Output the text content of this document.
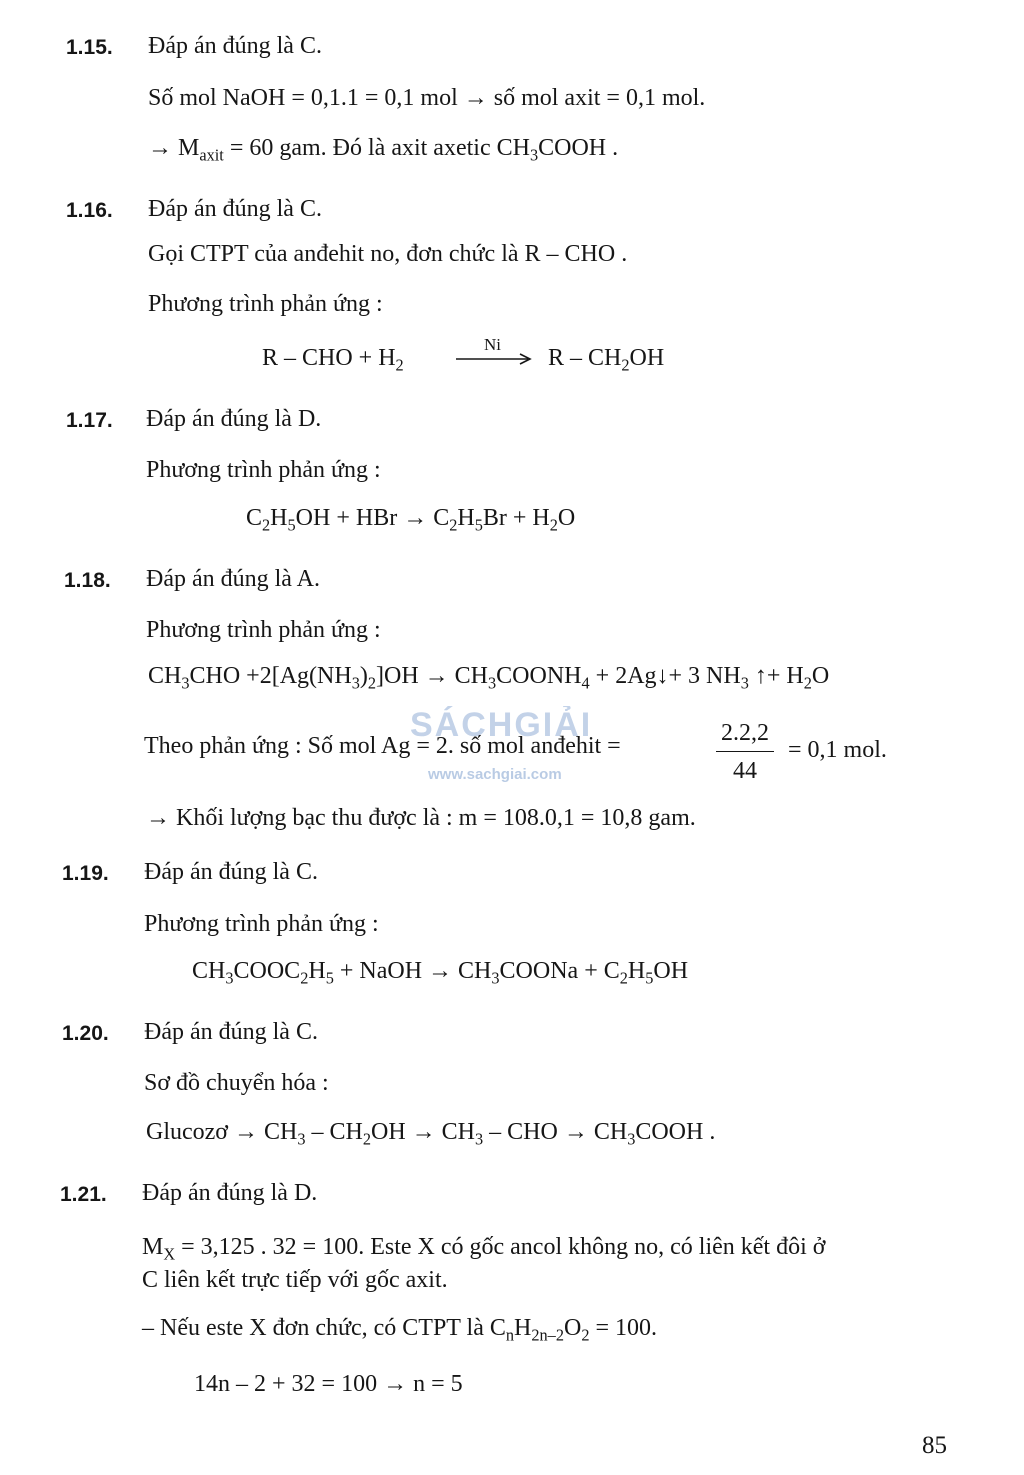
SÁCHGIẢI
www.sachgiai.com
1.15. Đáp án đúng là C.
Số mol NaOH = 0,1.1 = 0,1 mol → số mol axit = 0,1 mol.
→ $M_{axit} = 60$ gam. Đó là axit axetic $CH_3COOH$ .
1.16. Đáp án đúng là C.
Gọi CTPT của anđehit no, đơn chức là R – CHO .
Phương trình phản ứng :
R – CHO + $H_2$
Ni
R – $CH_2OH$
1.17. Đáp án đúng là D.
Phương trình phản ứng :
$C_2H_5OH$ + HBr → $C_2H_5Br + H_2O$
1.18. Đáp án đúng là A.
Phương trình phản ứng :
$CH_3CHO +2[Ag(NH_3)_2]OH$ → $CH_3COONH_4$ + 2Ag↓+ 3 $NH_3$ ↑+ $H_2O$
Theo phản ứng : Số mol Ag = 2. số mol anđehit =	2.2,2
44
= 0,1 mol.
→ Khối lượng bạc thu được là : m = 108.0,1 = 10,8 gam.
1.19. Đáp án đúng là C.
Phương trình phản ứng :
$CH_3COOC_2H_5$ + NaOH → $CH_3COONa + C_2H_5OH$
1.20. Đáp án đúng là C.
Sơ đồ chuyển hóa :
Glucozơ → $CH_3 - CH_2OH \to CH_3$ – CHO → $CH_3COOH$ .
1.21. Đáp án đúng là D.
$M_X = 3,125$ . 32 = 100. Este X có gốc ancol không no, có liên kết đôi ở
C liên kết trực tiếp với gốc axit.
– Nếu este X đơn chức, có CTPT là $C_nH_{2n-2}O_2 = 100$.
14n – 2 + 32 = 100 → n = 5
85
